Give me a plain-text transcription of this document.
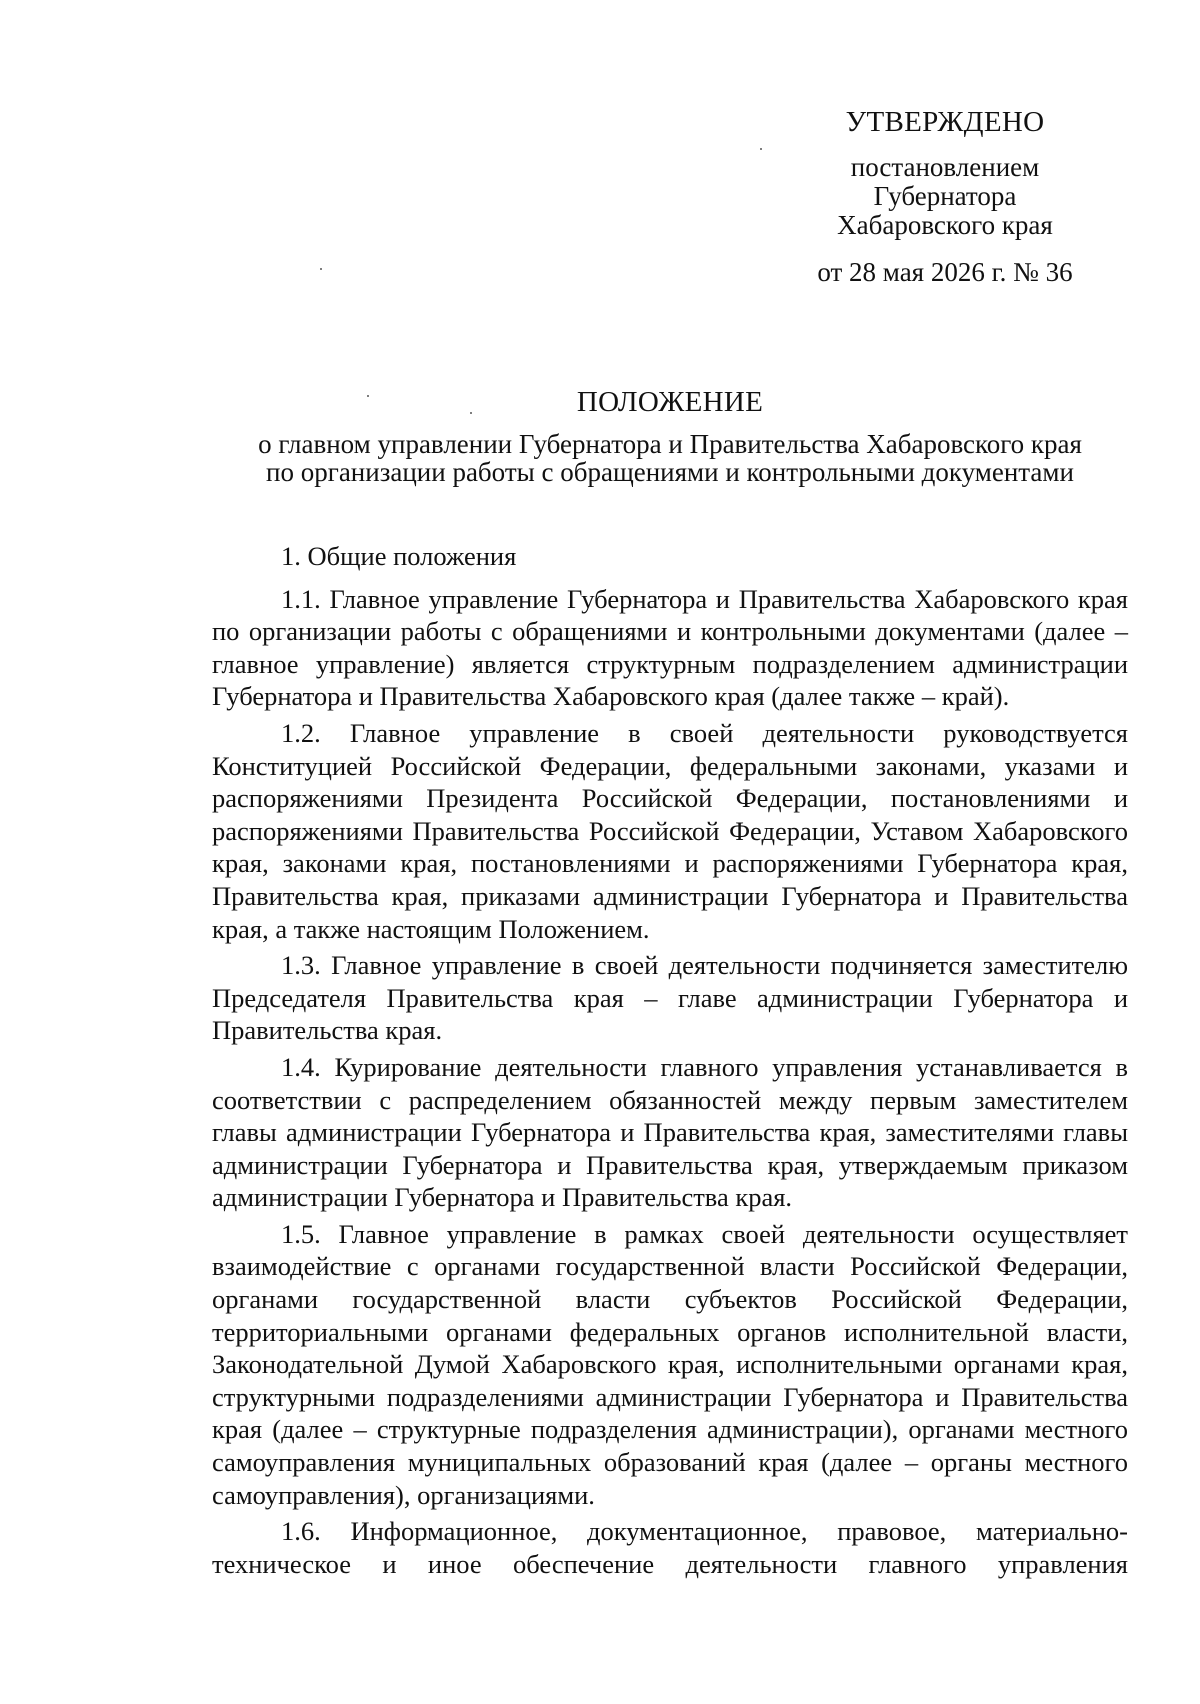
УТВЕРЖДЕНО
постановлением
Губернатора
Хабаровского края
от 28 мая 2026 г. № 36
ПОЛОЖЕНИЕ
о главном управлении Губернатора и Правительства Хабаровского края
по организации работы с обращениями и контрольными документами
1. Общие положения

1.1. Главное управление Губернатора и Правительства Хабаровского края по организации работы с обращениями и контрольными документами (далее – главное управление) является структурным подразделением администрации Губернатора и Правительства Хабаровского края (далее также – край).

1.2. Главное управление в своей деятельности руководствуется Конституцией Российской Федерации, федеральными законами, указами и распоряжениями Президента Российской Федерации, постановлениями и распоряжениями Правительства Российской Федерации, Уставом Хабаровского края, законами края, постановлениями и распоряжениями Губернатора края, Правительства края, приказами администрации Губернатора и Правительства края, а также настоящим Положением.

1.3. Главное управление в своей деятельности подчиняется заместителю Председателя Правительства края – главе администрации Губернатора и Правительства края.

1.4. Курирование деятельности главного управления устанавливается в соответствии с распределением обязанностей между первым заместителем главы администрации Губернатора и Правительства края, заместителями главы администрации Губернатора и Правительства края, утверждаемым приказом администрации Губернатора и Правительства края.

1.5. Главное управление в рамках своей деятельности осуществляет взаимодействие с органами государственной власти Российской Федерации, органами государственной власти субъектов Российской Федерации, территориальными органами федеральных органов исполнительной власти, Законодательной Думой Хабаровского края, исполнительными органами края, структурными подразделениями администрации Губернатора и Правительства края (далее – структурные подразделения администрации), органами местного самоуправления муниципальных образований края (далее – органы местного самоуправления), организациями.

1.6. Информационное, документационное, правовое, материально-техническое и иное обеспечение деятельности главного управления
